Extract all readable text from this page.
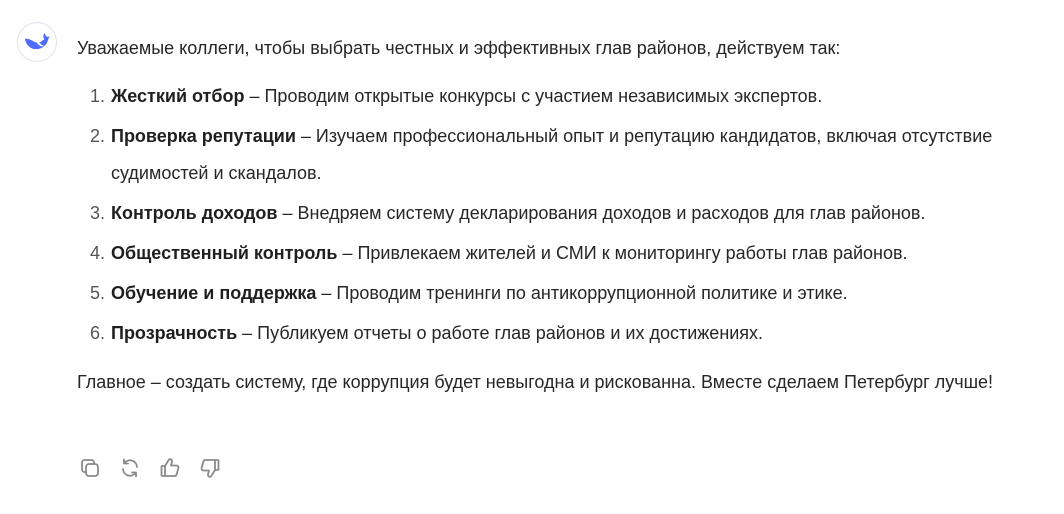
Уважаемые коллеги, чтобы выбрать честных и эффективных глав районов, действуем так:

1. Жесткий отбор – Проводим открытые конкурсы с участием независимых экспертов.
2. Проверка репутации – Изучаем профессиональный опыт и репутацию кандидатов, включая отсутствие судимостей и скандалов.
3. Контроль доходов – Внедряем систему декларирования доходов и расходов для глав районов.
4. Общественный контроль – Привлекаем жителей и СМИ к мониторингу работы глав районов.
5. Обучение и поддержка – Проводим тренинги по антикоррупционной политике и этике.
6. Прозрачность – Публикуем отчеты о работе глав районов и их достижениях.

Главное – создать систему, где коррупция будет невыгодна и рискованна. Вместе сделаем Петербург лучше!
